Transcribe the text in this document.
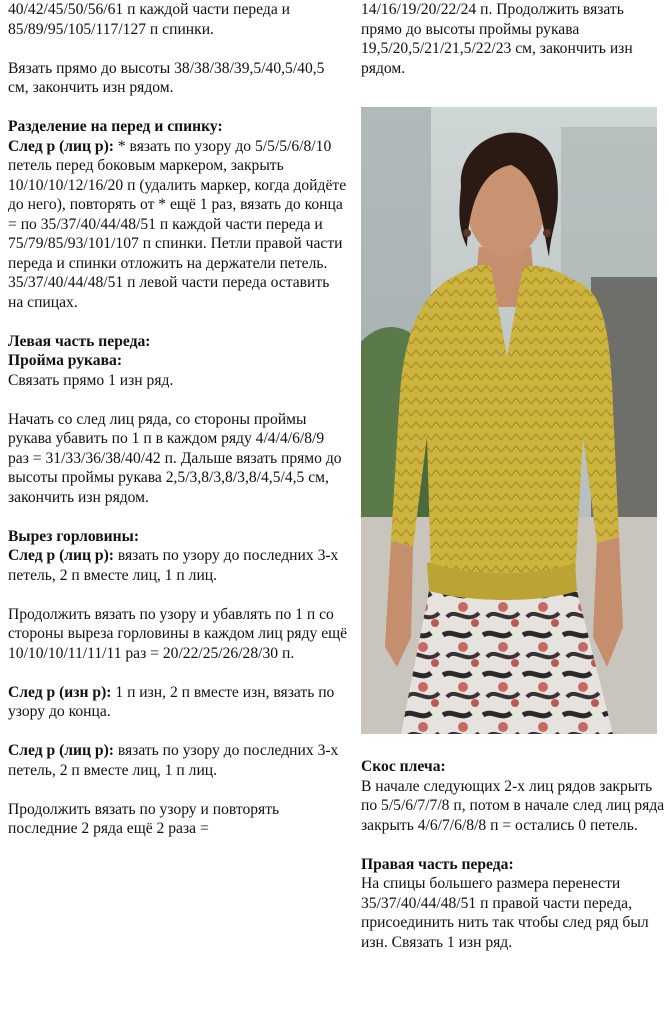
40/42/45/50/56/61 п каждой части переда и 85/89/95/105/117/127 п спинки.

Вязать прямо до высоты 38/38/38/39,5/40,5/40,5 см, закончить изн рядом.

Разделение на перед и спинку:
След р (лиц р): * вязать по узору до 5/5/5/6/8/10 петель перед боковым маркером, закрыть 10/10/10/12/16/20 п (удалить маркер, когда дойдёте до него), повторять от * ещё 1 раз, вязать до конца = по 35/37/40/44/48/51 п каждой части переда и 75/79/85/93/101/107 п спинки. Петли правой части переда и спинки отложить на держатели петель. 35/37/40/44/48/51 п левой части переда оставить на спицах.

Левая часть переда:
Пройма рукава:
Связать прямо 1 изн ряд.

Начать со след лиц ряда, со стороны проймы рукава убавить по 1 п в каждом ряду 4/4/4/6/8/9 раз = 31/33/36/38/40/42 п. Дальше вязать прямо до высоты проймы рукава 2,5/3,8/3,8/3,8/4,5/4,5 см, закончить изн рядом.

Вырез горловины:
След р (лиц р): вязать по узору до последних 3-х петель, 2 п вместе лиц, 1 п лиц.

Продолжить вязать по узору и убавлять по 1 п со стороны выреза горловины в каждом лиц ряду ещё 10/10/10/11/11/11 раз = 20/22/25/26/28/30 п.

След р (изн р): 1 п изн, 2 п вместе изн, вязать по узору до конца.

След р (лиц р): вязать по узору до последних 3-х петель, 2 п вместе лиц, 1 п лиц.

Продолжить вязать по узору и повторять последние 2 ряда ещё 2 раза =

14/16/19/20/22/24 п. Продолжить вязать прямо до высоты проймы рукава 19,5/20,5/21/21,5/22/23 см, закончить изн рядом.

Скос плеча:
В начале следующих 2-х лиц рядов закрыть по 5/5/6/7/7/8 п, потом в начале след лиц ряда закрыть 4/6/7/6/8/8 п = остались 0 петель.

Правая часть переда:
На спицы большего размера перенести 35/37/40/44/48/51 п правой части переда, присоединить нить так чтобы след ряд был изн. Связать 1 изн ряд.
